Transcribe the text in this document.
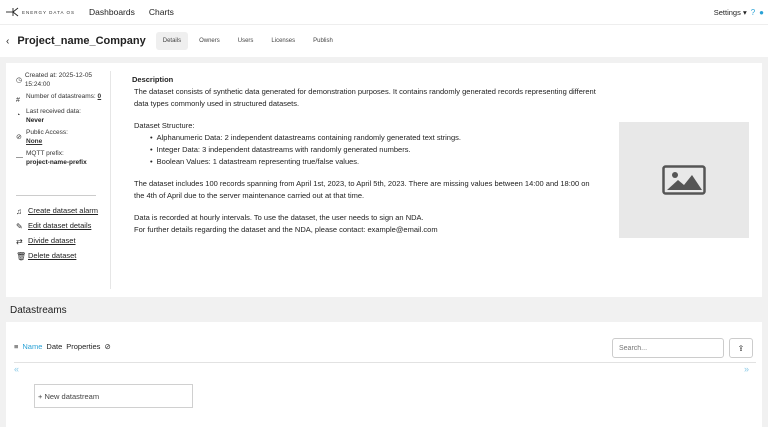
ENERGY DATA OS Dashboards Charts	Settings ▾ ? ●
‹ Project_name_Company	Details	Owners	Users	Licenses	Publish
◷
Created at: 2025-12-05 15:24:00
#
Number of datastreams: 0
◔
Last received data:
Never
⊘
Public Access:
None
—
MQTT prefix:
project-name-prefix
♫ Create dataset alarm
✎ Edit dataset details
⇄ Divide dataset
🗑 Delete dataset
Description

The dataset consists of synthetic data generated for demonstration purposes. It contains randomly generated records representing different data types commonly used in structured datasets.

Dataset Structure:

• Alphanumeric Data: 2 independent datastreams containing randomly generated text strings.
• Integer Data: 3 independent datastreams with randomly generated numbers.
• Boolean Values: 1 datastream representing true/false values.

The dataset includes 100 records spanning from April 1st, 2023, to April 5th, 2023. There are missing values between 14:00 and 18:00 on the 4th of April due to the server maintenance carried out at that time.

Data is recorded at hourly intervals. To use the dataset, the user needs to sign an NDA.

For further details regarding the dataset and the NDA, please contact: example@email.com

Datastreams
≡ Name Date Properties ⊘
Search...	⇪
«	»
+ New datastream
